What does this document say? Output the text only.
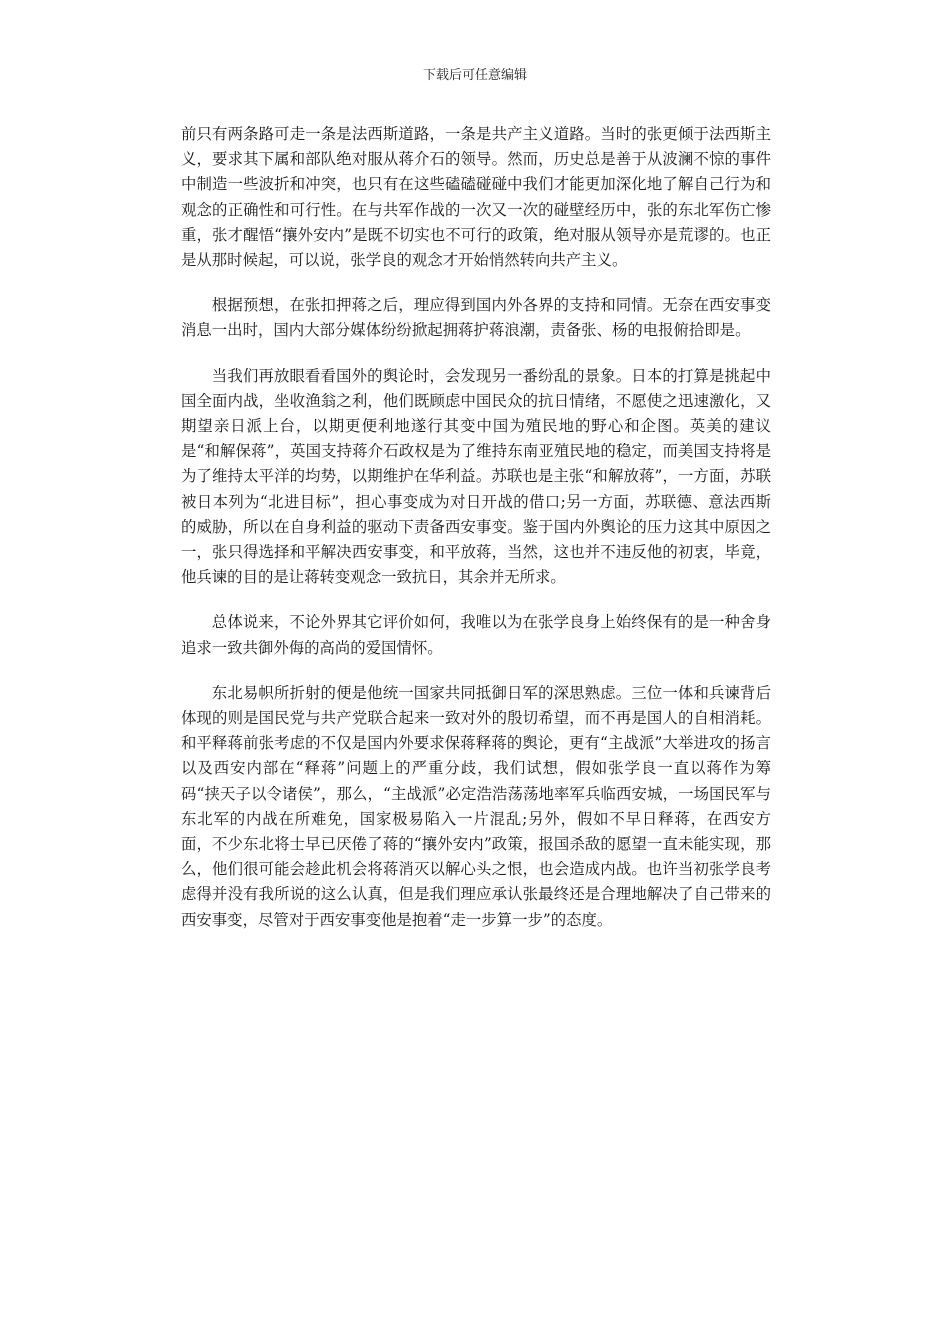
下载后可任意编辑

前只有两条路可走一条是法西斯道路，一条是共产主义道路。当时的张更倾于法西斯主义，要求其下属和部队绝对服从蒋介石的领导。然而，历史总是善于从波澜不惊的事件中制造一些波折和冲突，也只有在这些磕磕碰碰中我们才能更加深化地了解自己行为和观念的正确性和可行性。在与共军作战的一次又一次的碰壁经历中，张的东北军伤亡惨重，张才醒悟“攘外安内”是既不切实也不可行的政策，绝对服从领导亦是荒谬的。也正是从那时候起，可以说，张学良的观念才开始悄然转向共产主义。

根据预想，在张扣押蒋之后，理应得到国内外各界的支持和同情。无奈在西安事变消息一出时，国内大部分媒体纷纷掀起拥蒋护蒋浪潮，责备张、杨的电报俯拾即是。

当我们再放眼看看国外的舆论时，会发现另一番纷乱的景象。日本的打算是挑起中国全面内战，坐收渔翁之利，他们既顾虑中国民众的抗日情绪，不愿使之迅速激化，又期望亲日派上台，以期更便利地遂行其变中国为殖民地的野心和企图。英美的建议是“和解保蒋”，英国支持蒋介石政权是为了维持东南亚殖民地的稳定，而美国支持将是为了维持太平洋的均势，以期维护在华利益。苏联也是主张“和解放蒋”，一方面，苏联被日本列为“北进目标”，担心事变成为对日开战的借口;另一方面，苏联德、意法西斯的威胁，所以在自身利益的驱动下责备西安事变。鉴于国内外舆论的压力这其中原因之一，张只得选择和平解决西安事变，和平放蒋，当然，这也并不违反他的初衷，毕竟，他兵谏的目的是让蒋转变观念一致抗日，其余并无所求。

总体说来，不论外界其它评价如何，我唯以为在张学良身上始终保有的是一种舍身追求一致共御外侮的高尚的爱国情怀。

东北易帜所折射的便是他统一国家共同抵御日军的深思熟虑。三位一体和兵谏背后体现的则是国民党与共产党联合起来一致对外的殷切希望，而不再是国人的自相消耗。和平释蒋前张考虑的不仅是国内外要求保蒋释蒋的舆论，更有“主战派”大举进攻的扬言以及西安内部在“释蒋”问题上的严重分歧，我们试想，假如张学良一直以蒋作为筹码“挟天子以令诸侯”，那么，“主战派”必定浩浩荡荡地率军兵临西安城，一场国民军与东北军的内战在所难免，国家极易陷入一片混乱;另外，假如不早日释蒋，在西安方面，不少东北将士早已厌倦了蒋的“攘外安内”政策，报国杀敌的愿望一直未能实现，那么，他们很可能会趁此机会将蒋消灭以解心头之恨，也会造成内战。也许当初张学良考虑得并没有我所说的这么认真，但是我们理应承认张最终还是合理地解决了自己带来的西安事变，尽管对于西安事变他是抱着“走一步算一步”的态度。
